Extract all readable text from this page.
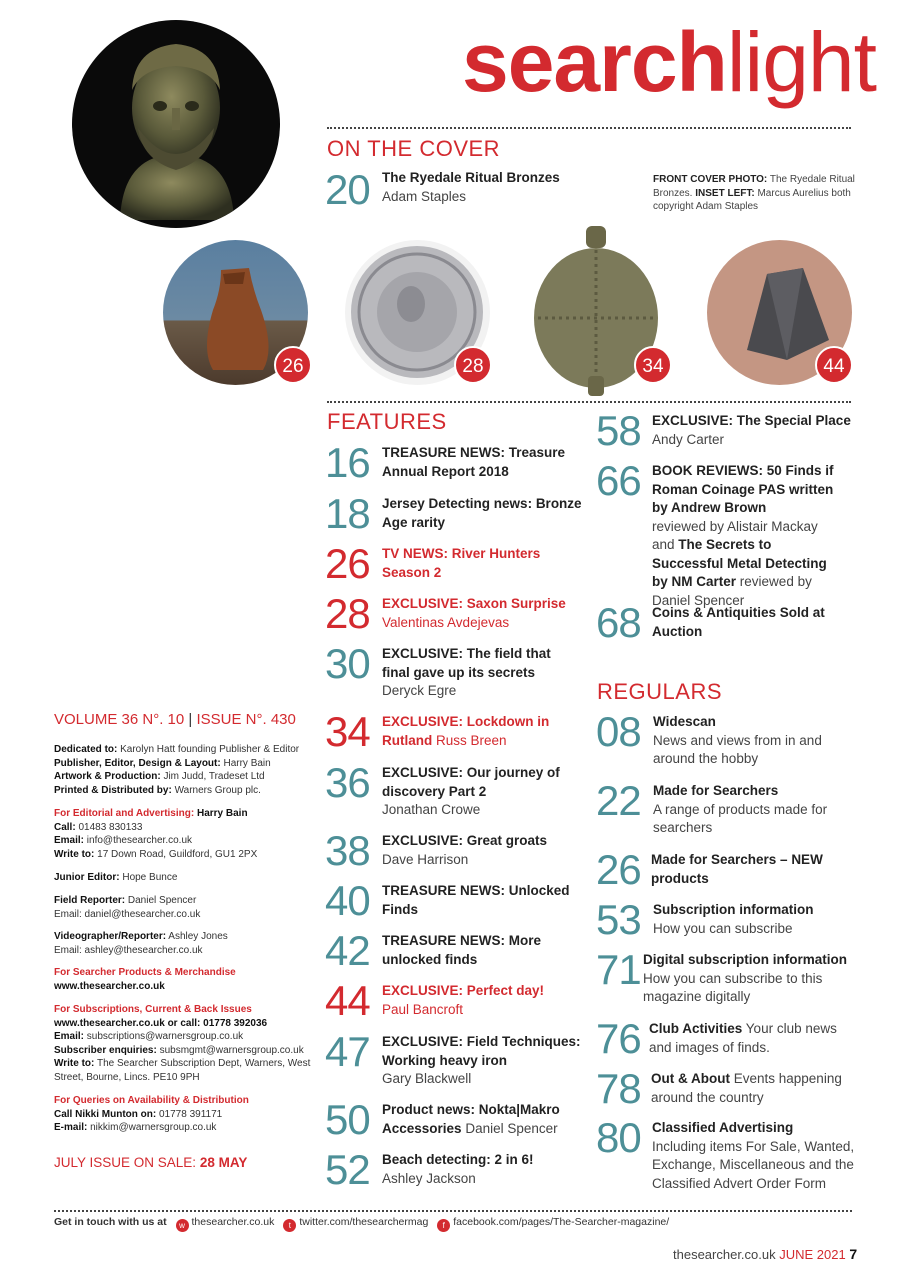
searchlight
26	28	34	44
ON THE COVER
20 The Ryedale Ritual Bronzes
Adam Staples
FRONT COVER PHOTO: The Ryedale Ritual Bronzes. INSET LEFT: Marcus Aurelius both copyright Adam Staples
FEATURES
16 TREASURE NEWS: Treasure Annual Report 2018
18 Jersey Detecting news: Bronze Age rarity
26 TV NEWS: River Hunters Season 2
28 EXCLUSIVE: Saxon Surprise
Valentinas Avdejevas
30 EXCLUSIVE: The field that final gave up its secrets
Deryck Egre
34 EXCLUSIVE: Lockdown in Rutland Russ Breen
36 EXCLUSIVE: Our journey of discovery Part 2
Jonathan Crowe
38 EXCLUSIVE: Great groats
Dave Harrison
40 TREASURE NEWS: Unlocked Finds
42 TREASURE NEWS: More unlocked finds
44 EXCLUSIVE: Perfect day!
Paul Bancroft
47 EXCLUSIVE: Field Techniques: Working heavy iron
Gary Blackwell
50 Product news: Nokta|Makro Accessories Daniel Spencer
52 Beach detecting: 2 in 6!
Ashley Jackson
58 EXCLUSIVE: The Special Place
Andy Carter
66 BOOK REVIEWS: 50 Finds if Roman Coinage PAS written by Andrew Brown
reviewed by Alistair Mackay and The Secrets to Successful Metal Detecting by NM Carter reviewed by Daniel Spencer
68 Coins & Antiquities Sold at Auction
REGULARS
08 Widescan
News and views from in and around the hobby
22 Made for Searchers
A range of products made for searchers
26 Made for Searchers – NEW products
53 Subscription information
How you can subscribe
71 Digital subscription information How you can subscribe to this magazine digitally
76 Club Activities Your club news and images of finds.
78 Out & About Events happening around the country
80 Classified Advertising
Including items For Sale, Wanted, Exchange, Miscellaneous and the Classified Advert Order Form
VOLUME 36 N°. 10 | ISSUE N°. 430
Dedicated to: Karolyn Hatt founding Publisher & Editor
Publisher, Editor, Design & Layout: Harry Bain
Artwork & Production: Jim Judd, Tradeset Ltd
Printed & Distributed by: Warners Group plc.
For Editorial and Advertising: Harry Bain
Call: 01483 830133
Email: info@thesearcher.co.uk
Write to: 17 Down Road, Guildford, GU1 2PX
Junior Editor: Hope Bunce
Field Reporter: Daniel Spencer
Email: daniel@thesearcher.co.uk
Videographer/Reporter: Ashley Jones
Email: ashley@thesearcher.co.uk
For Searcher Products & Merchandise
www.thesearcher.co.uk
For Subscriptions, Current & Back Issues
www.thesearcher.co.uk or call: 01778 392036
Email: subscriptions@warnersgroup.co.uk
Subscriber enquiries: subsmgmt@warnersgroup.co.uk
Write to: The Searcher Subscription Dept, Warners, West Street, Bourne, Lincs. PE10 9PH
For Queries on Availability & Distribution
Call Nikki Munton on: 01778 391171
E-mail: nikkim@warnersgroup.co.uk
JULY ISSUE ON SALE: 28 MAY
Get in touch with us at w thesearcher.co.uk t twitter.com/thesearchermag f facebook.com/pages/The-Searcher-magazine/
thesearcher.co.uk JUNE 2021 7
